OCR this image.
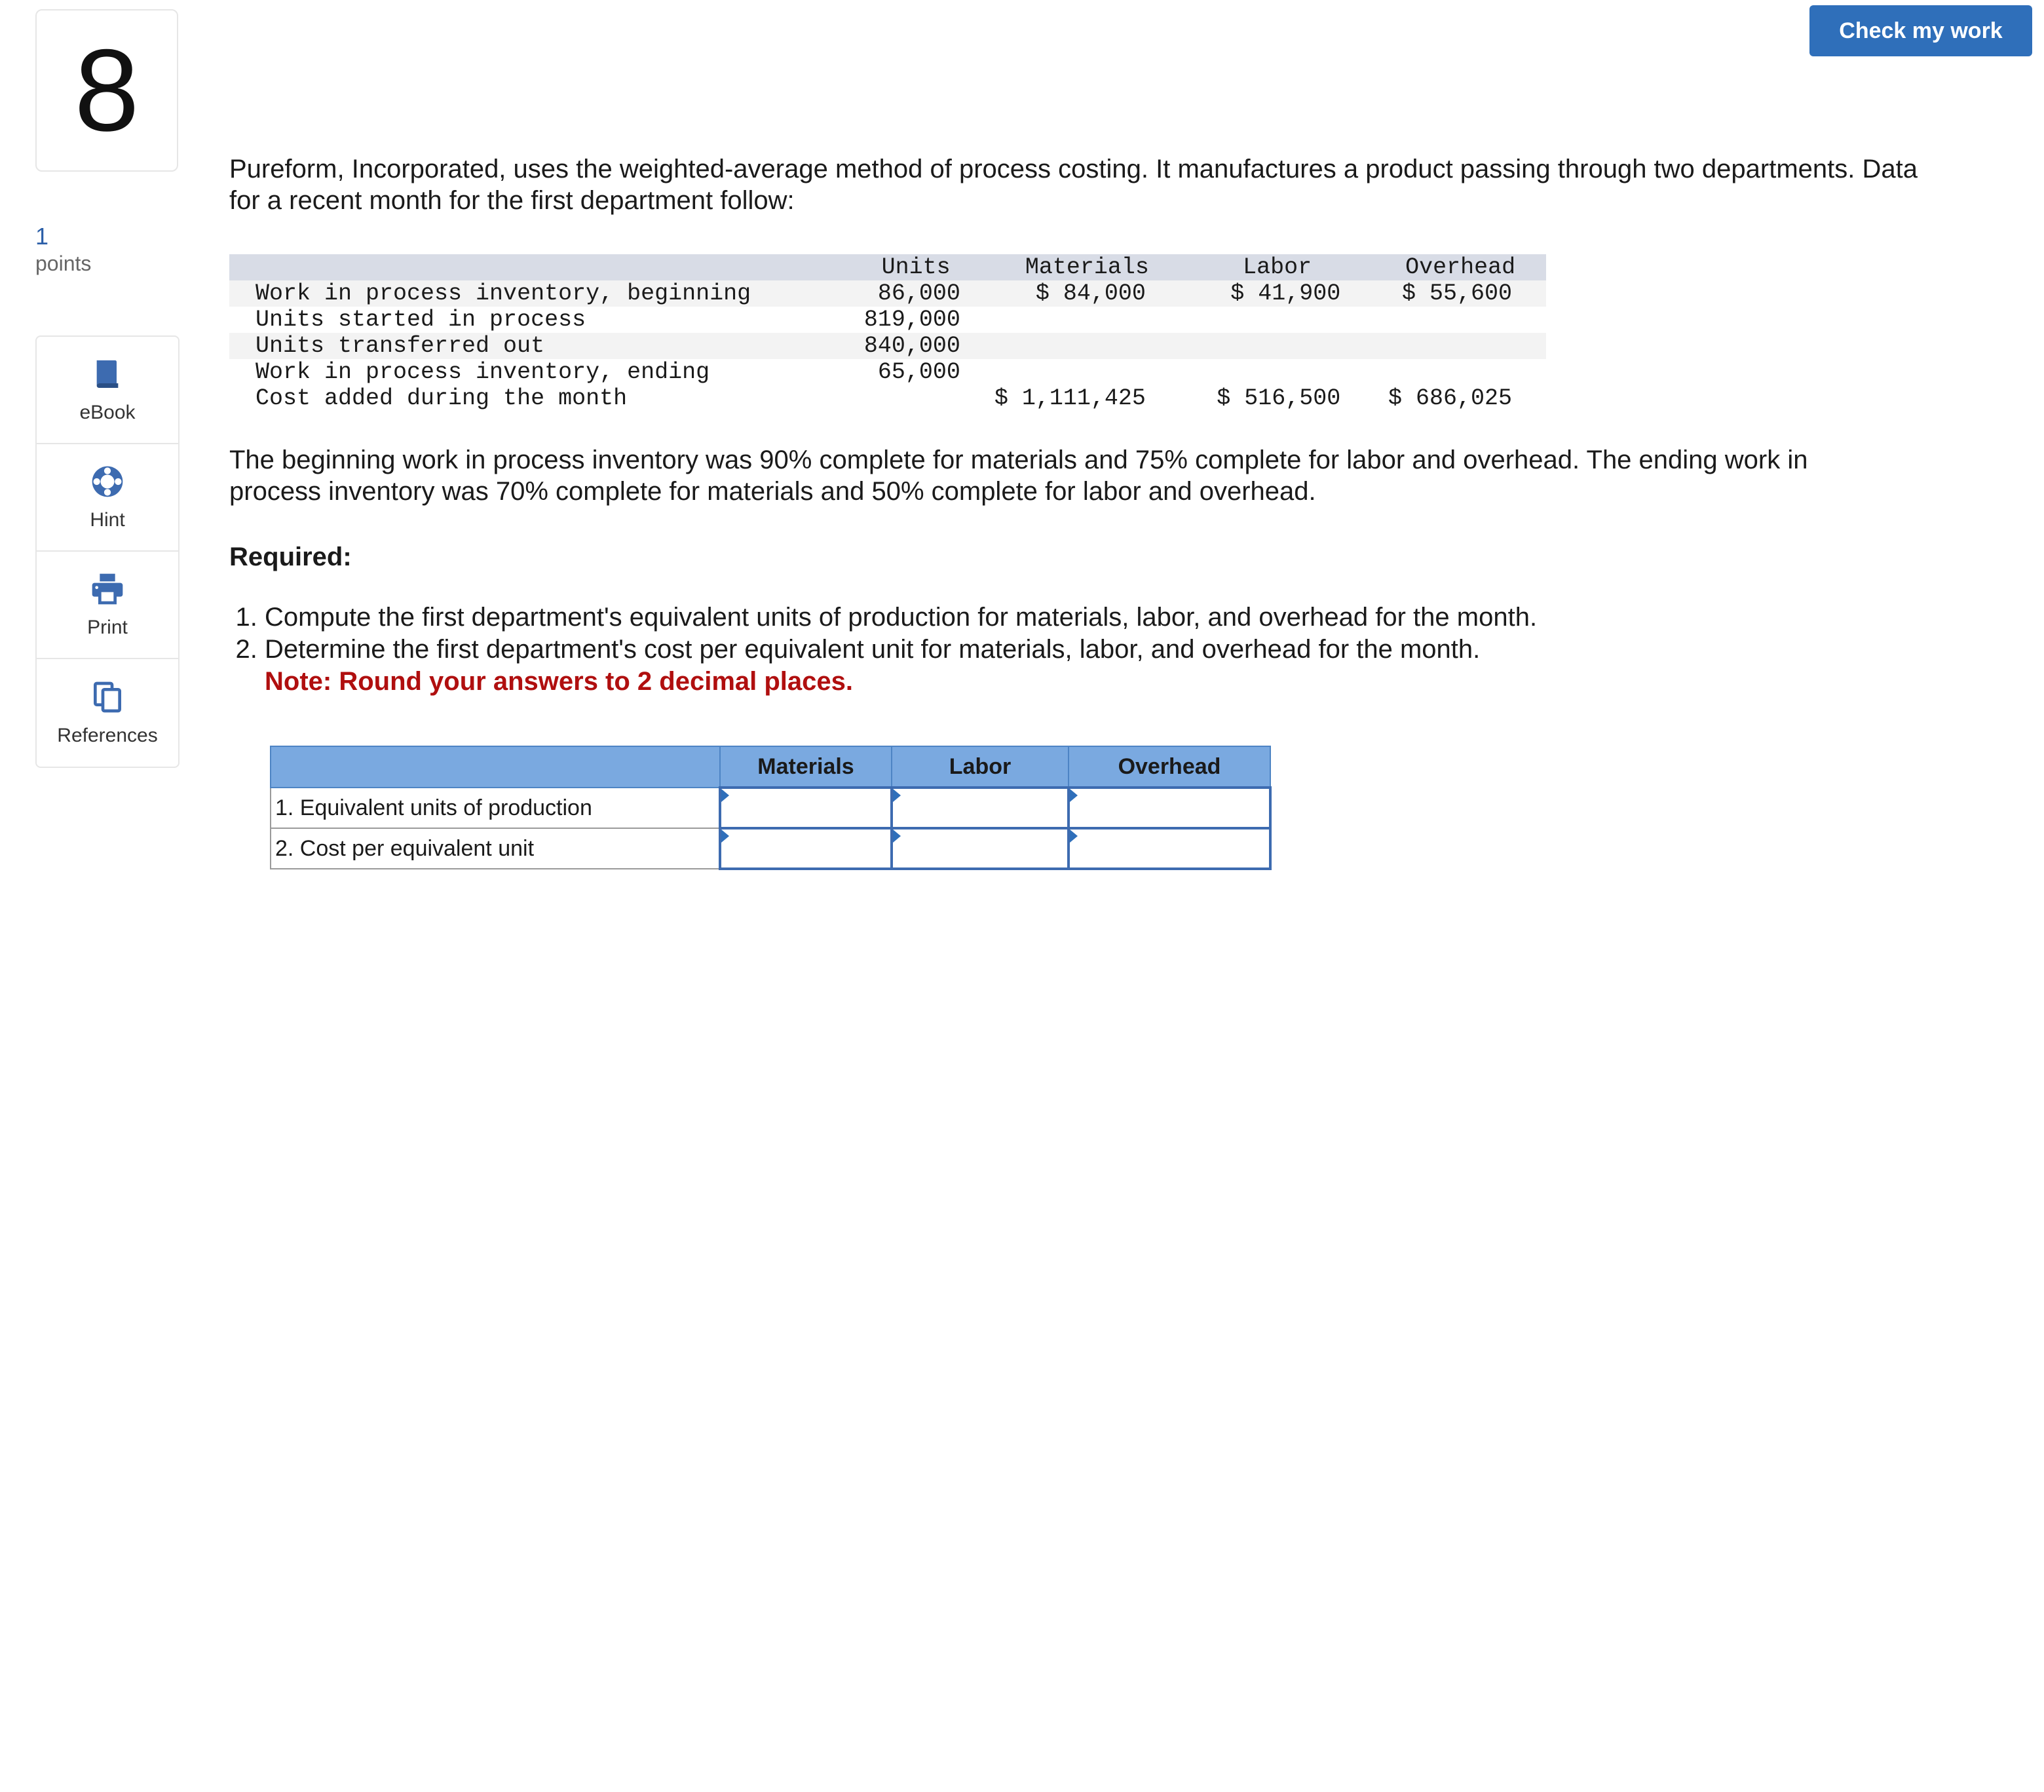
8
1
points
eBook
Hint
Print
References
Check my work

Pureform, Incorporated, uses the weighted-average method of process costing. It manufactures a product passing through two departments. Data for a recent month for the first department follow:

	Units	Materials	Labor	Overhead
Work in process inventory, beginning	86,000	$ 84,000	$ 41,900	$ 55,600
Units started in process	819,000			
Units transferred out	840,000			
Work in process inventory, ending	65,000			
Cost added during the month		$ 1,111,425	$ 516,500	$ 686,025

The beginning work in process inventory was 90% complete for materials and 75% complete for labor and overhead. The ending work in process inventory was 70% complete for materials and 50% complete for labor and overhead.

Required:

1. Compute the first department's equivalent units of production for materials, labor, and overhead for the month.
2. Determine the first department's cost per equivalent unit for materials, labor, and overhead for the month.
Note: Round your answers to 2 decimal places.
	Materials	Labor	Overhead
1. Equivalent units of production			
2. Cost per equivalent unit			
